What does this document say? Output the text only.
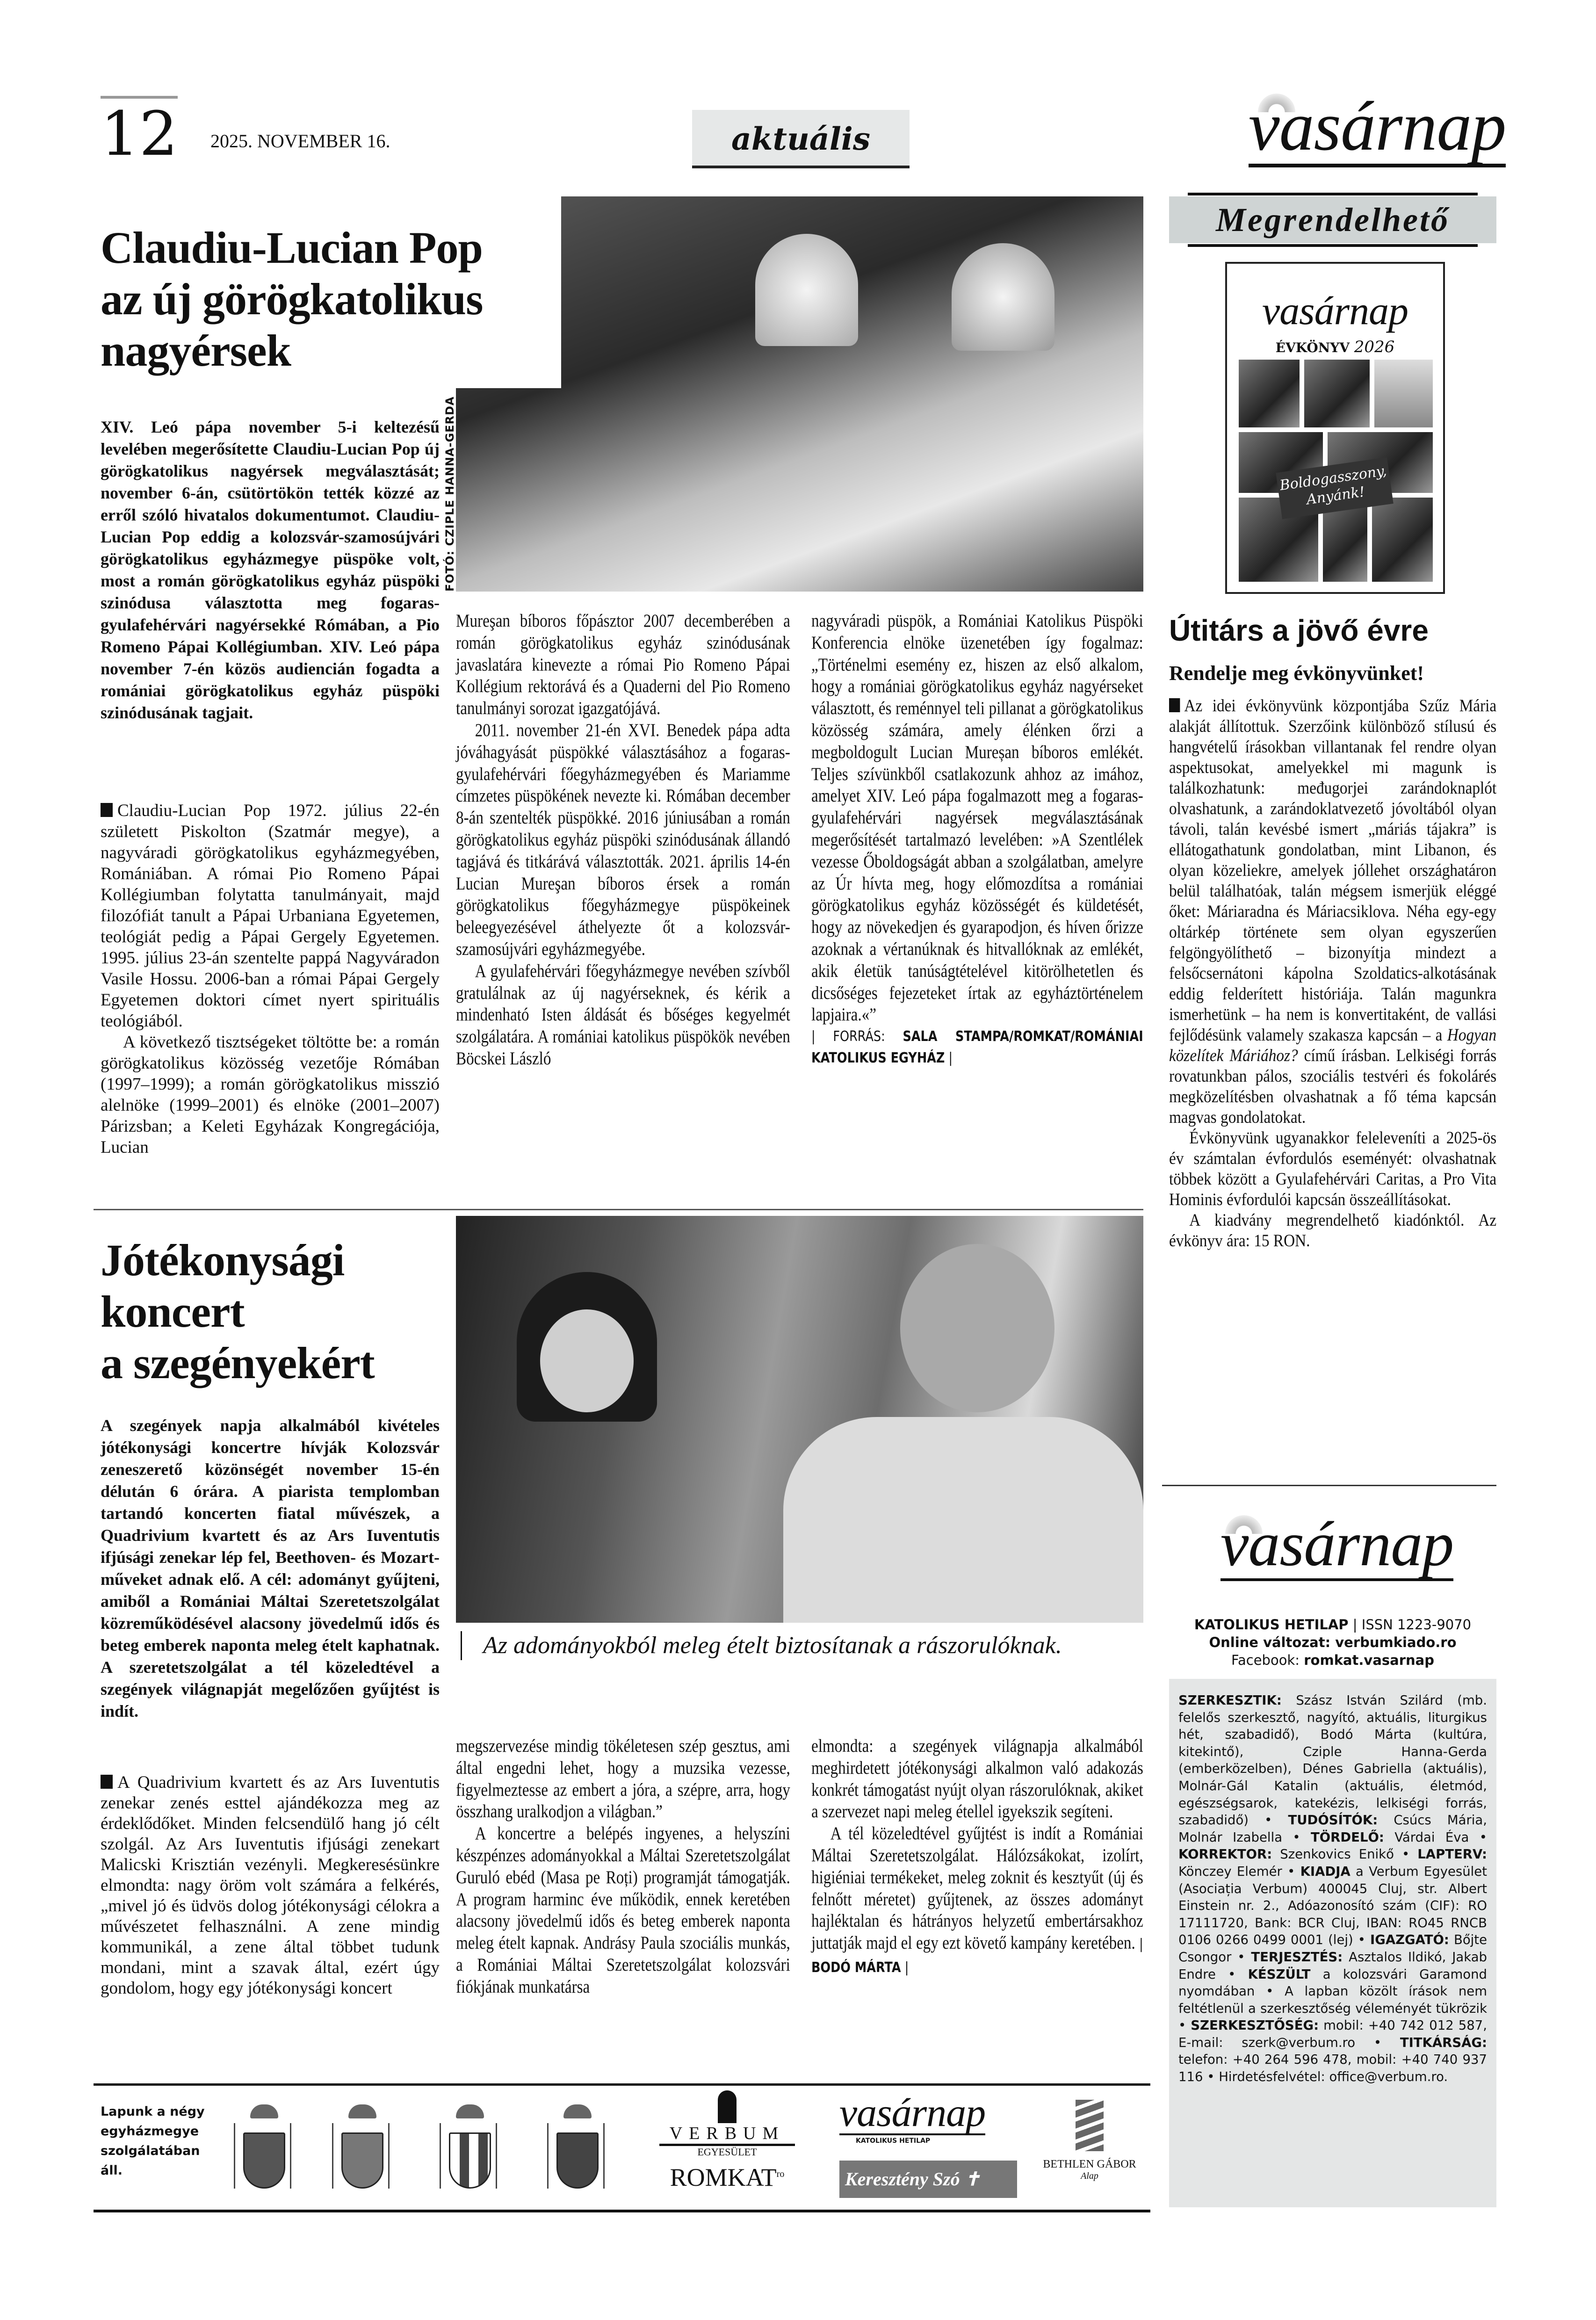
12 2025. NOVEMBER 16.	aktuális	vasárnap
Claudiu-Lucian Pop
az új görögkatolikus
nagyérsek
FOTÓ: CZIPLE HANNA-GERDA
XIV. Leó pápa november 5-i keltezésű levelében megerősítette Claudiu-Lucian Pop új görögkatolikus nagyérsek megválasztását; november 6-án, csütörtökön tették közzé az erről szóló hivatalos dokumentumot. Claudiu-Lucian Pop eddig a kolozsvár-szamosújvári görögkatolikus egyházmegye püspöke volt, most a román görögkatolikus egyház püspöki szinódusa választotta meg fogaras-gyulafehérvári nagyérsekké Rómában, a Pio Romeno Pápai Kollégiumban. XIV. Leó pápa november 7-én közös audiencián fogadta a romániai görögkatolikus egyház püspöki szinódusának tagjait.

Claudiu-Lucian Pop 1972. július 22-én született Piskolton (Szatmár megye), a nagyváradi görögkatolikus egyházmegyében, Romániában. A római Pio Romeno Pápai Kollégiumban folytatta tanulmányait, majd filozófiát tanult a Pápai Urbaniana Egyetemen, teológiát pedig a Pápai Gergely Egyetemen. 1995. július 23-án szentelte pappá Nagyváradon Vasile Hossu. 2006-ban a római Pápai Gergely Egyetemen doktori címet nyert spirituális teológiából.

A következő tisztségeket töltötte be: a román görögkatolikus közösség vezetője Rómában (1997–1999); a román görögkatolikus misszió alelnöke (1999–2001) és elnöke (2001–2007) Párizsban; a Keleti Egyházak Kongregációja, Lucian

Mureşan bíboros főpásztor 2007 decemberében a román görögkatolikus egyház szinódusának javaslatára kinevezte a római Pio Romeno Pápai Kollégium rektorává és a Quaderni del Pio Romeno tanulmányi sorozat igazgatójává.

2011. november 21-én XVI. Benedek pápa adta jóváhagyását püspökké választásához a fogaras-gyulafehérvári főegyházmegyében és Mariamme címzetes püspökének nevezte ki. Rómában december 8-án szentelték püspökké. 2016 júniusában a román görögkatolikus egyház püspöki szinódusának állandó tagjává és titkárává választották. 2021. április 14-én Lucian Mureşan bíboros érsek a román görögkatolikus főegyházmegye püspökeinek beleegyezésével áthelyezte őt a kolozsvár-szamosújvári egyházmegyébe.

A gyulafehérvári főegyházmegye nevében szívből gratulálnak az új nagyérseknek, és kérik a mindenható Isten áldását és bőséges kegyelmét szolgálatára. A romániai katolikus püspökök nevében Böcskei László

nagyváradi püspök, a Romániai Katolikus Püspöki Konferencia elnöke üzenetében így fogalmaz: „Történelmi esemény ez, hiszen az első alkalom, hogy a romániai görögkatolikus egyház nagyérseket választott, és reménnyel teli pillanat a görögkatolikus közösség számára, amely élénken őrzi a megboldogult Lucian Mureșan bíboros emlékét. Teljes szívünkből csatlakozunk ahhoz az imához, amelyet XIV. Leó pápa fogalmazott meg a fogaras-gyulafehérvári nagyérsek megválasztásának megerősítését tartalmazó levelében: »A Szentlélek vezesse Őboldogságát abban a szolgálatban, amelyre az Úr hívta meg, hogy előmozdítsa a romániai görögkatolikus egyház közösségét és küldetését, hogy az növekedjen és gyarapodjon, és híven őrizze azoknak a vértanúknak és hitvallóknak az emlékét, akik életük tanúságtételével kitörölhetetlen és dicsőséges fejezeteket írtak az egyháztörténelem lapjaira.«”

| FORRÁS: SALA STAMPA/ROMKAT/ROMÁNIAI KATOLIKUS EGYHÁZ |

Jótékonysági
koncert
a szegényekért
A szegények napja alkalmából kivételes jótékonysági koncertre hívják Kolozsvár zeneszerető közönségét november 15-én délután 6 órára. A piarista templomban tartandó koncerten fiatal művészek, a Quadrivium kvartett és az Ars Iuventutis ifjúsági zenekar lép fel, Beethoven- és Mozart-műveket adnak elő. A cél: adományt gyűjteni, amiből a Romániai Máltai Szeretetszolgálat közreműködésével alacsony jövedelmű idős és beteg emberek naponta meleg ételt kaphatnak. A szeretetszolgálat a tél közeledtével a szegények világnapját megelőzően gyűjtést is indít.
Az adományokból meleg ételt biztosítanak a rászorulóknak.

A Quadrivium kvartett és az Ars Iuventutis zenekar zenés esttel ajándékozza meg az érdeklődőket. Minden felcsendülő hang jó célt szolgál. Az Ars Iuventutis ifjúsági zenekart Malicski Krisztián vezényli. Megkeresésünkre elmondta: nagy öröm volt számára a felkérés, „mivel jó és üdvös dolog jótékonysági célokra a művészetet felhasználni. A zene mindig kommunikál, a zene által többet tudunk mondani, mint a szavak által, ezért úgy gondolom, hogy egy jótékonysági koncert

megszervezése mindig tökéletesen szép gesztus, ami által engedni lehet, hogy a muzsika vezesse, figyelmeztesse az embert a jóra, a szépre, arra, hogy összhang uralkodjon a világban.”

A koncertre a belépés ingyenes, a helyszíni készpénzes adományokkal a Máltai Szeretetszolgálat Guruló ebéd (Masa pe Roți) programját támogatják. A program harminc éve működik, ennek keretében alacsony jövedelmű idős és beteg emberek naponta meleg ételt kapnak. Andrásy Paula szociális munkás, a Romániai Máltai Szeretetszolgálat kolozsvári fiókjának munkatársa

elmondta: a szegények világnapja alkalmából meghirdetett jótékonysági alkalmon való adakozás konkrét támogatást nyújt olyan rászorulóknak, akiket a szervezet napi meleg étellel igyekszik segíteni.

A tél közeledtével gyűjtést is indít a Romániai Máltai Szeretetszolgálat. Hálózsákokat, izolírt, higiéniai termékeket, meleg zoknit és kesztyűt (új és felnőtt méretet) gyűjtenek, az összes adományt hajléktalan és hátrányos helyzetű embertársakhoz juttatják majd el egy ezt követő kampány keretében. | BODÓ MÁRTA |

Megrendelhető
vasárnap
ÉVKÖNYV 2026
Boldogasszony, Anyánk!
Útitárs a jövő évre
Rendelje meg évkönyvünket!

Az idei évkönyvünk központjába Szűz Mária alakját állítottuk. Szerzőink különböző stílusú és hangvételű írásokban villantanak fel rendre olyan aspektusokat, amelyekkel mi magunk is találkozhatunk: međugorjei zarándoknaplót olvashatunk, a zarándoklatvezető jóvoltából olyan távoli, talán kevésbé ismert „máriás tájakra” is ellátogathatunk gondolatban, mint Libanon, és olyan közeliekre, amelyek jóllehet országhatáron belül találhatóak, talán mégsem ismerjük eléggé őket: Máriaradna és Máriacsiklova. Néha egy-egy oltárkép története sem olyan egyszerűen felgöngyölíthető – bizonyítja mindezt a felsőcsernátoni kápolna Szoldatics-alkotásának eddig felderített históriája. Talán magunkra ismerhetünk – ha nem is konvertitaként, de vallási fejlődésünk valamely szakasza kapcsán – a Hogyan közelítek Máriához? című írásban. Lelkiségi forrás rovatunkban pálos, szociális testvéri és fokolárés megközelítésben olvashatnak a fő téma kapcsán magvas gondolatokat.

Évkönyvünk ugyanakkor feleleveníti a 2025-ös év számtalan évfordulós eseményét: olvashatnak többek között a Gyulafehérvári Caritas, a Pro Vita Hominis évfordulói kapcsán összeállításokat.

A kiadvány megrendelhető kiadónktól. Az évkönyv ára: 15 RON.

vasárnap
KATOLIKUS HETILAP | ISSN 1223-9070
Online változat: verbumkiado.ro
Facebook: romkat.vasarnap
SZERKESZTIK: Szász István Szilárd (mb. felelős szerkesztő, nagyító, aktuális, liturgikus hét, szabadidő), Bodó Márta (kultúra, kitekintő), Cziple Hanna-Gerda (emberközelben), Dénes Gabriella (aktuális), Molnár-Gál Katalin (aktuális, életmód, egészségsarok, katekézis, lelkiségi forrás, szabadidő) • TUDÓSÍTÓK: Csúcs Mária, Molnár Izabella • TÖRDELŐ: Várdai Éva • KORREKTOR: Szenkovics Enikő • LAPTERV: Könczey Elemér • KIADJA a Verbum Egyesület (Asociația Verbum) 400045 Cluj, str. Albert Einstein nr. 2., Adóazonosító szám (CIF): RO 17111720, Bank: BCR Cluj, IBAN: RO45 RNCB 0106 0266 0499 0001 (lej) • IGAZGATÓ: Bőjte Csongor • TERJESZTÉS: Asztalos Ildikó, Jakab Endre • KÉSZÜLT a kolozsvári Garamond nyomdában • A lapban közölt írások nem feltétlenül a szerkesztőség véleményét tükrözik • SZERKESZTŐSÉG: mobil: +40 742 012 587, E-mail: szerk@verbum.ro • TITKÁRSÁG: telefon: +40 264 596 478, mobil: +40 740 937 116 • Hirdetésfelvétel: office@verbum.ro.
Lapunk a négy egyházmegye szolgálatában áll.
VERBUM
EGYESÜLET
$ROMKAT^{ro}$
vasárnap
KATOLIKUS HETILAP
Keresztény Szó ✝
BETHLEN GÁBOR
Alap
